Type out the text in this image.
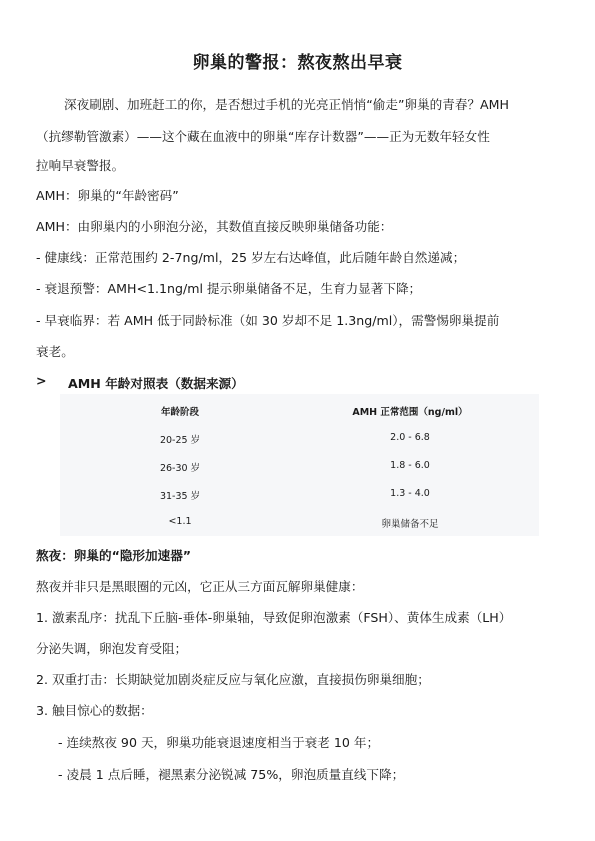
卵巢的警报：熬夜熬出早衰
深夜刷剧、加班赶工的你，是否想过手机的光亮正悄悄“偷走”卵巢的青春？AMH
（抗缪勒管激素）——这个藏在血液中的卵巢“库存计数器”——正为无数年轻女性
拉响早衰警报。
AMH：卵巢的“年龄密码”
AMH：由卵巢内的小卵泡分泌，其数值直接反映卵巢储备功能：
- 健康线：正常范围约 2-7ng/ml，25 岁左右达峰值，此后随年龄自然递减；
- 衰退预警：AMH<1.1ng/ml 提示卵巢储备不足，生育力显著下降；
- 早衰临界：若 AMH 低于同龄标准（如 30 岁却不足 1.3ng/ml），需警惕卵巢提前
衰老。
> AMH 年龄对照表（数据来源）
年龄阶段	AMH 正常范围（ng/ml）
20-25 岁	2.0 - 6.8
26-30 岁	1.8 - 6.0
31-35 岁	1.3 - 4.0
<1.1	卵巢储备不足
熬夜：卵巢的“隐形加速器”
熬夜并非只是黑眼圈的元凶，它正从三方面瓦解卵巢健康：
1. 激素乱序：扰乱下丘脑-垂体-卵巢轴，导致促卵泡激素（FSH）、黄体生成素（LH）
分泌失调，卵泡发育受阻；
2. 双重打击：长期缺觉加剧炎症反应与氧化应激，直接损伤卵巢细胞；
3. 触目惊心的数据：
- 连续熬夜 90 天，卵巢功能衰退速度相当于衰老 10 年；
- 凌晨 1 点后睡，褪黑素分泌锐减 75%，卵泡质量直线下降；
